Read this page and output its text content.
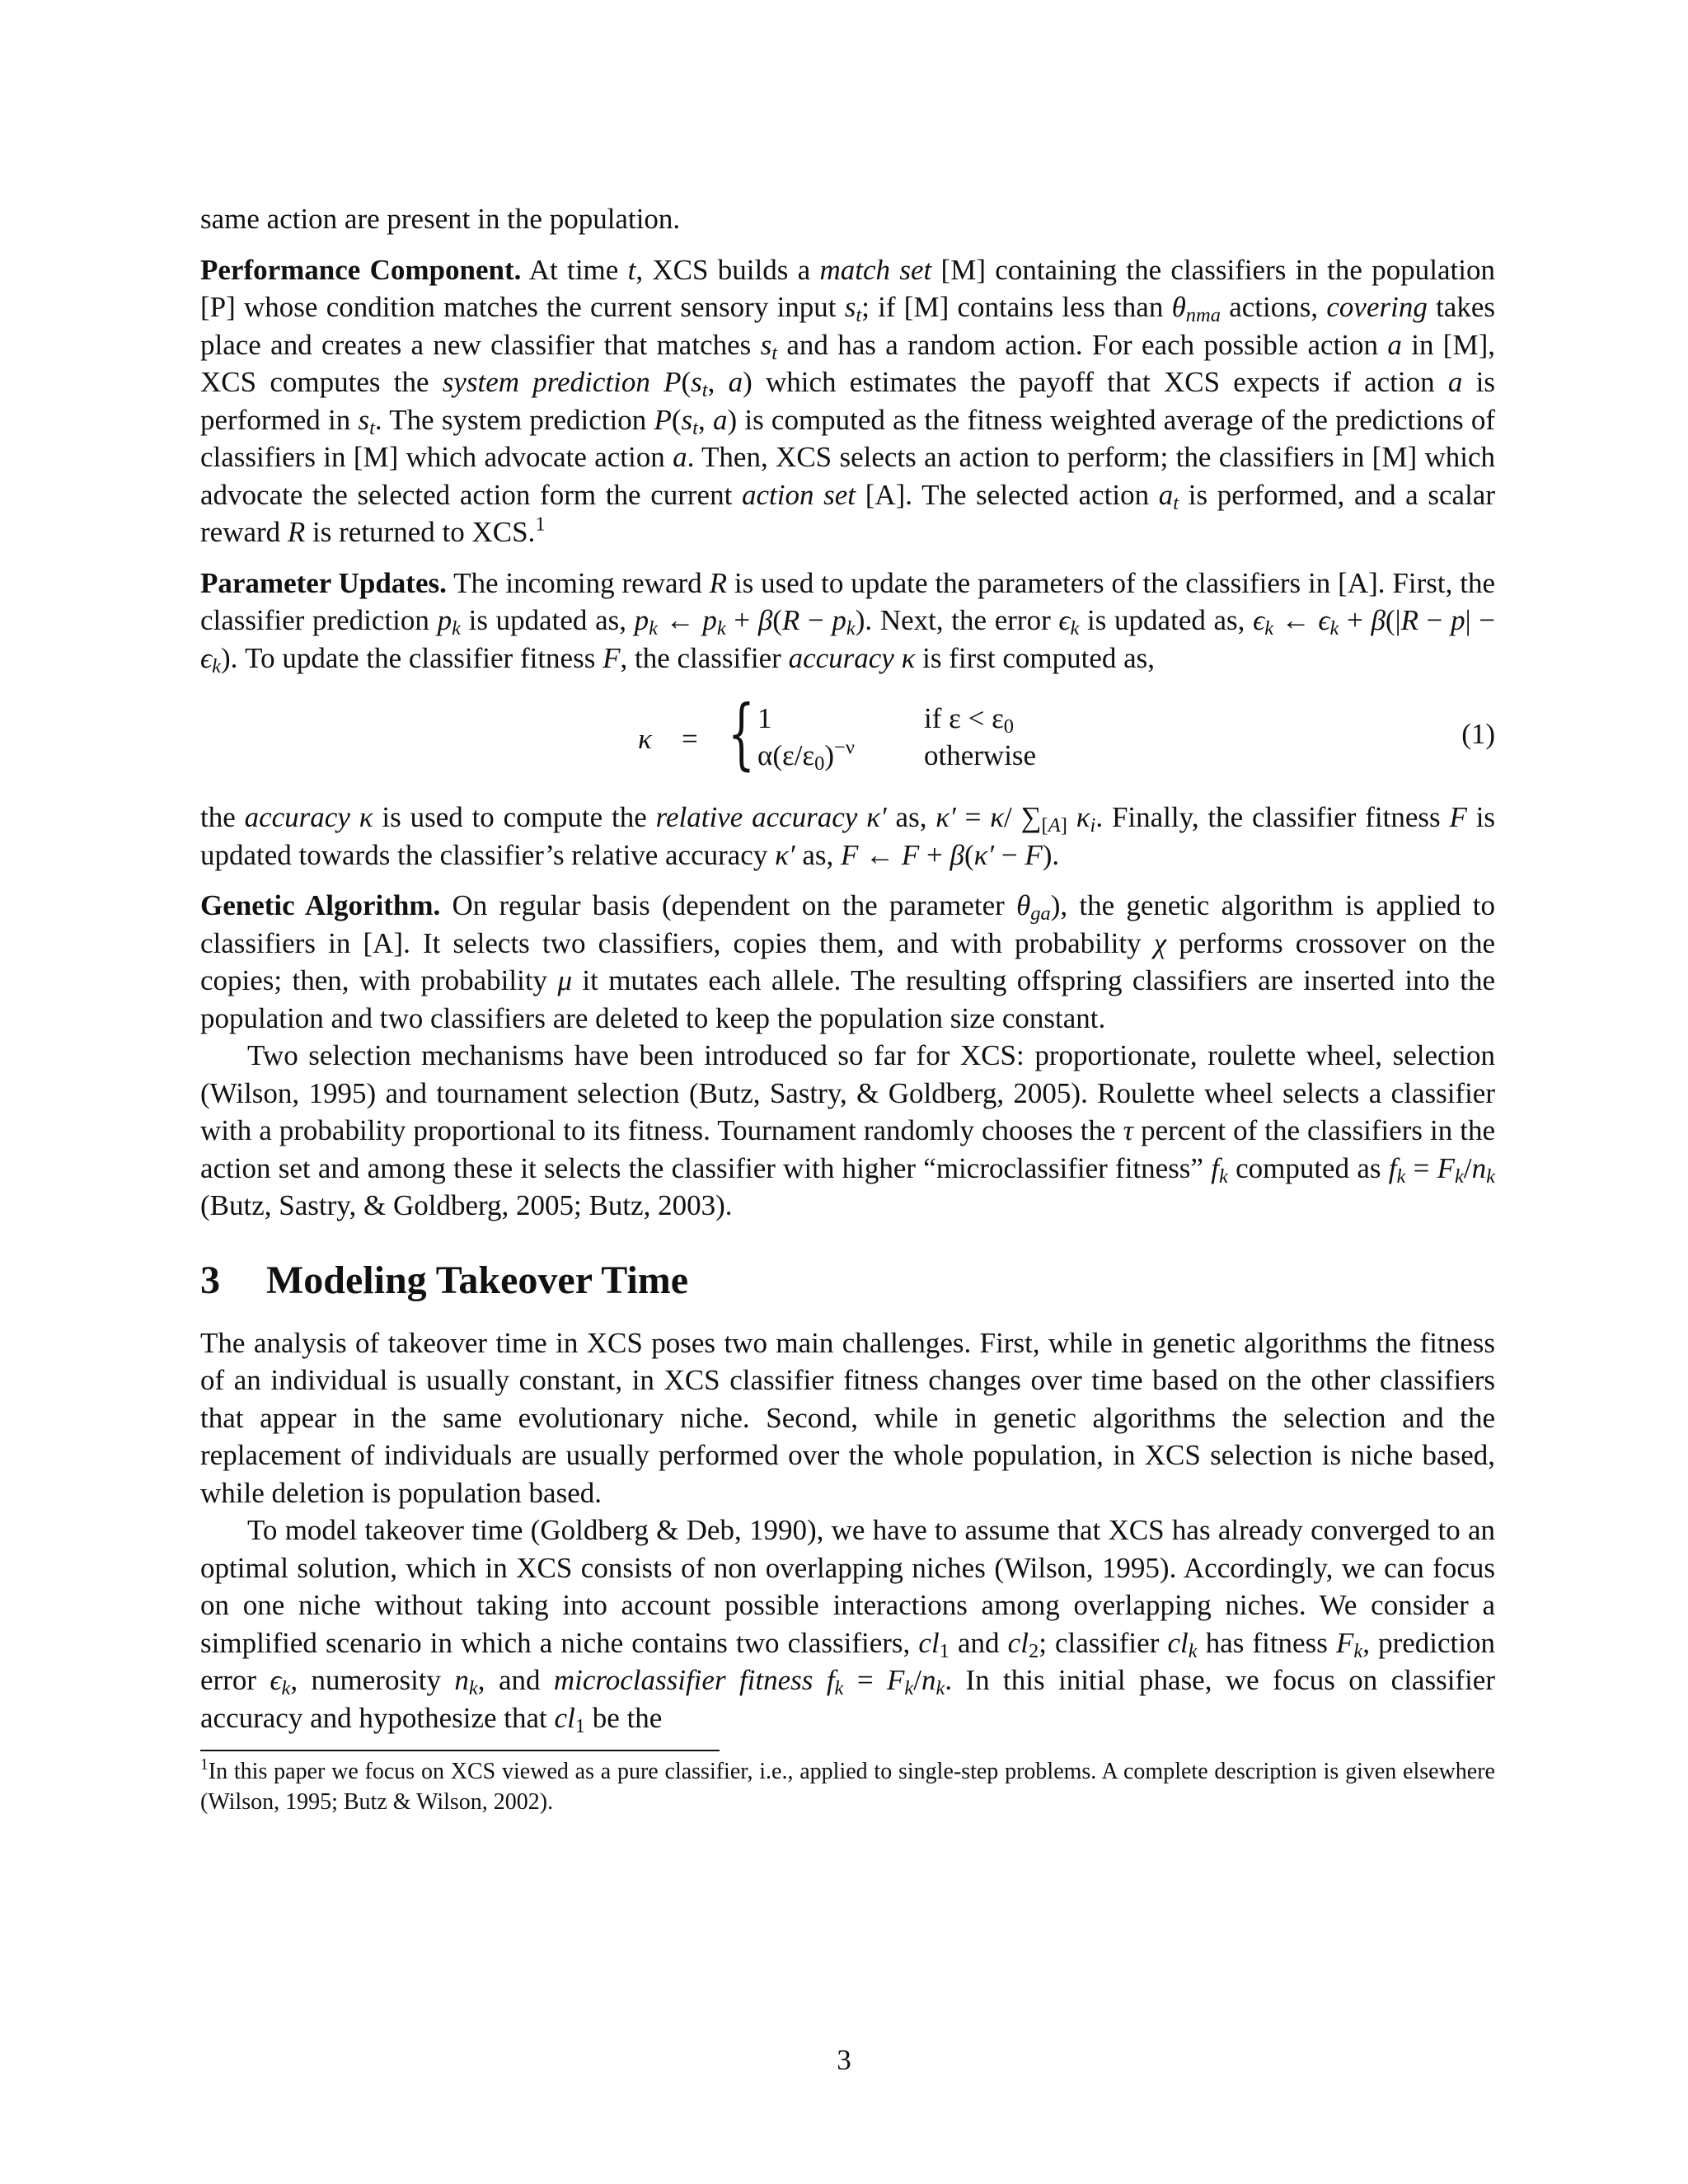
same action are present in the population.

Performance Component. At time t, XCS builds a match set [M] containing the classifiers in the population [P] whose condition matches the current sensory input $s_t$; if [M] contains less than $\theta_{nma}$ actions, covering takes place and creates a new classifier that matches $s_t$ and has a random action. For each possible action a in [M], XCS computes the system prediction $P(s_t$, a) which estimates the payoff that XCS expects if action a is performed in $s_t$. The system prediction $P(s_t$, a) is computed as the fitness weighted average of the predictions of classifiers in [M] which advocate action a. Then, XCS selects an action to perform; the classifiers in [M] which advocate the selected action form the current action set [A]. The selected action $a_t$ is performed, and a scalar reward R is returned to XCS.$^1$

Parameter Updates. The incoming reward R is used to update the parameters of the classifiers in [A]. First, the classifier prediction $p_k$ is updated as, $p_k$ ← $p_k + \beta(R - p_k)$. Next, the error $\epsilon_k$ is updated as, $\epsilon_k$ ← $\epsilon_k + \beta(|R - p| - \epsilon_k)$. To update the classifier fitness F, the classifier accuracy κ is first computed as,

κ = { 1	if $\varepsilon < \varepsilon_0$
$\alpha(\varepsilon/\varepsilon_0)^{-\nu}$ otherwise
(1)

the accuracy κ is used to compute the relative accuracy κ′ as, κ′ = κ/ $\sum_{[A]}$ $\kappa_i$. Finally, the classifier fitness F is updated towards the classifier’s relative accuracy κ′ as, F ← F + β(κ′ − F).

Genetic Algorithm. On regular basis (dependent on the parameter $\theta_{ga}$), the genetic algorithm is applied to classifiers in [A]. It selects two classifiers, copies them, and with probability χ performs crossover on the copies; then, with probability μ it mutates each allele. The resulting offspring classifiers are inserted into the population and two classifiers are deleted to keep the population size constant.

Two selection mechanisms have been introduced so far for XCS: proportionate, roulette wheel, selection (Wilson, 1995) and tournament selection (Butz, Sastry, & Goldberg, 2005). Roulette wheel selects a classifier with a probability proportional to its fitness. Tournament randomly chooses the τ percent of the classifiers in the action set and among these it selects the classifier with higher “microclassifier fitness” $f_k$ computed as $f_k = F_k/n_k$ (Butz, Sastry, & Goldberg, 2005; Butz, 2003).

3 Modeling Takeover Time

The analysis of takeover time in XCS poses two main challenges. First, while in genetic algorithms the fitness of an individual is usually constant, in XCS classifier fitness changes over time based on the other classifiers that appear in the same evolutionary niche. Second, while in genetic algorithms the selection and the replacement of individuals are usually performed over the whole population, in XCS selection is niche based, while deletion is population based.

To model takeover time (Goldberg & Deb, 1990), we have to assume that XCS has already converged to an optimal solution, which in XCS consists of non overlapping niches (Wilson, 1995). Accordingly, we can focus on one niche without taking into account possible interactions among overlapping niches. We consider a simplified scenario in which a niche contains two classifiers, $cl_1$ and $cl_2$; classifier $cl_k$ has fitness $F_k$, prediction error $\epsilon_k$, numerosity $n_k$, and microclassifier fitness $f_k = F_k/n_k$. In this initial phase, we focus on classifier accuracy and hypothesize that $cl_1$ be the

$^1$In this paper we focus on XCS viewed as a pure classifier, i.e., applied to single-step problems. A complete description is given elsewhere (Wilson, 1995; Butz & Wilson, 2002).

3
